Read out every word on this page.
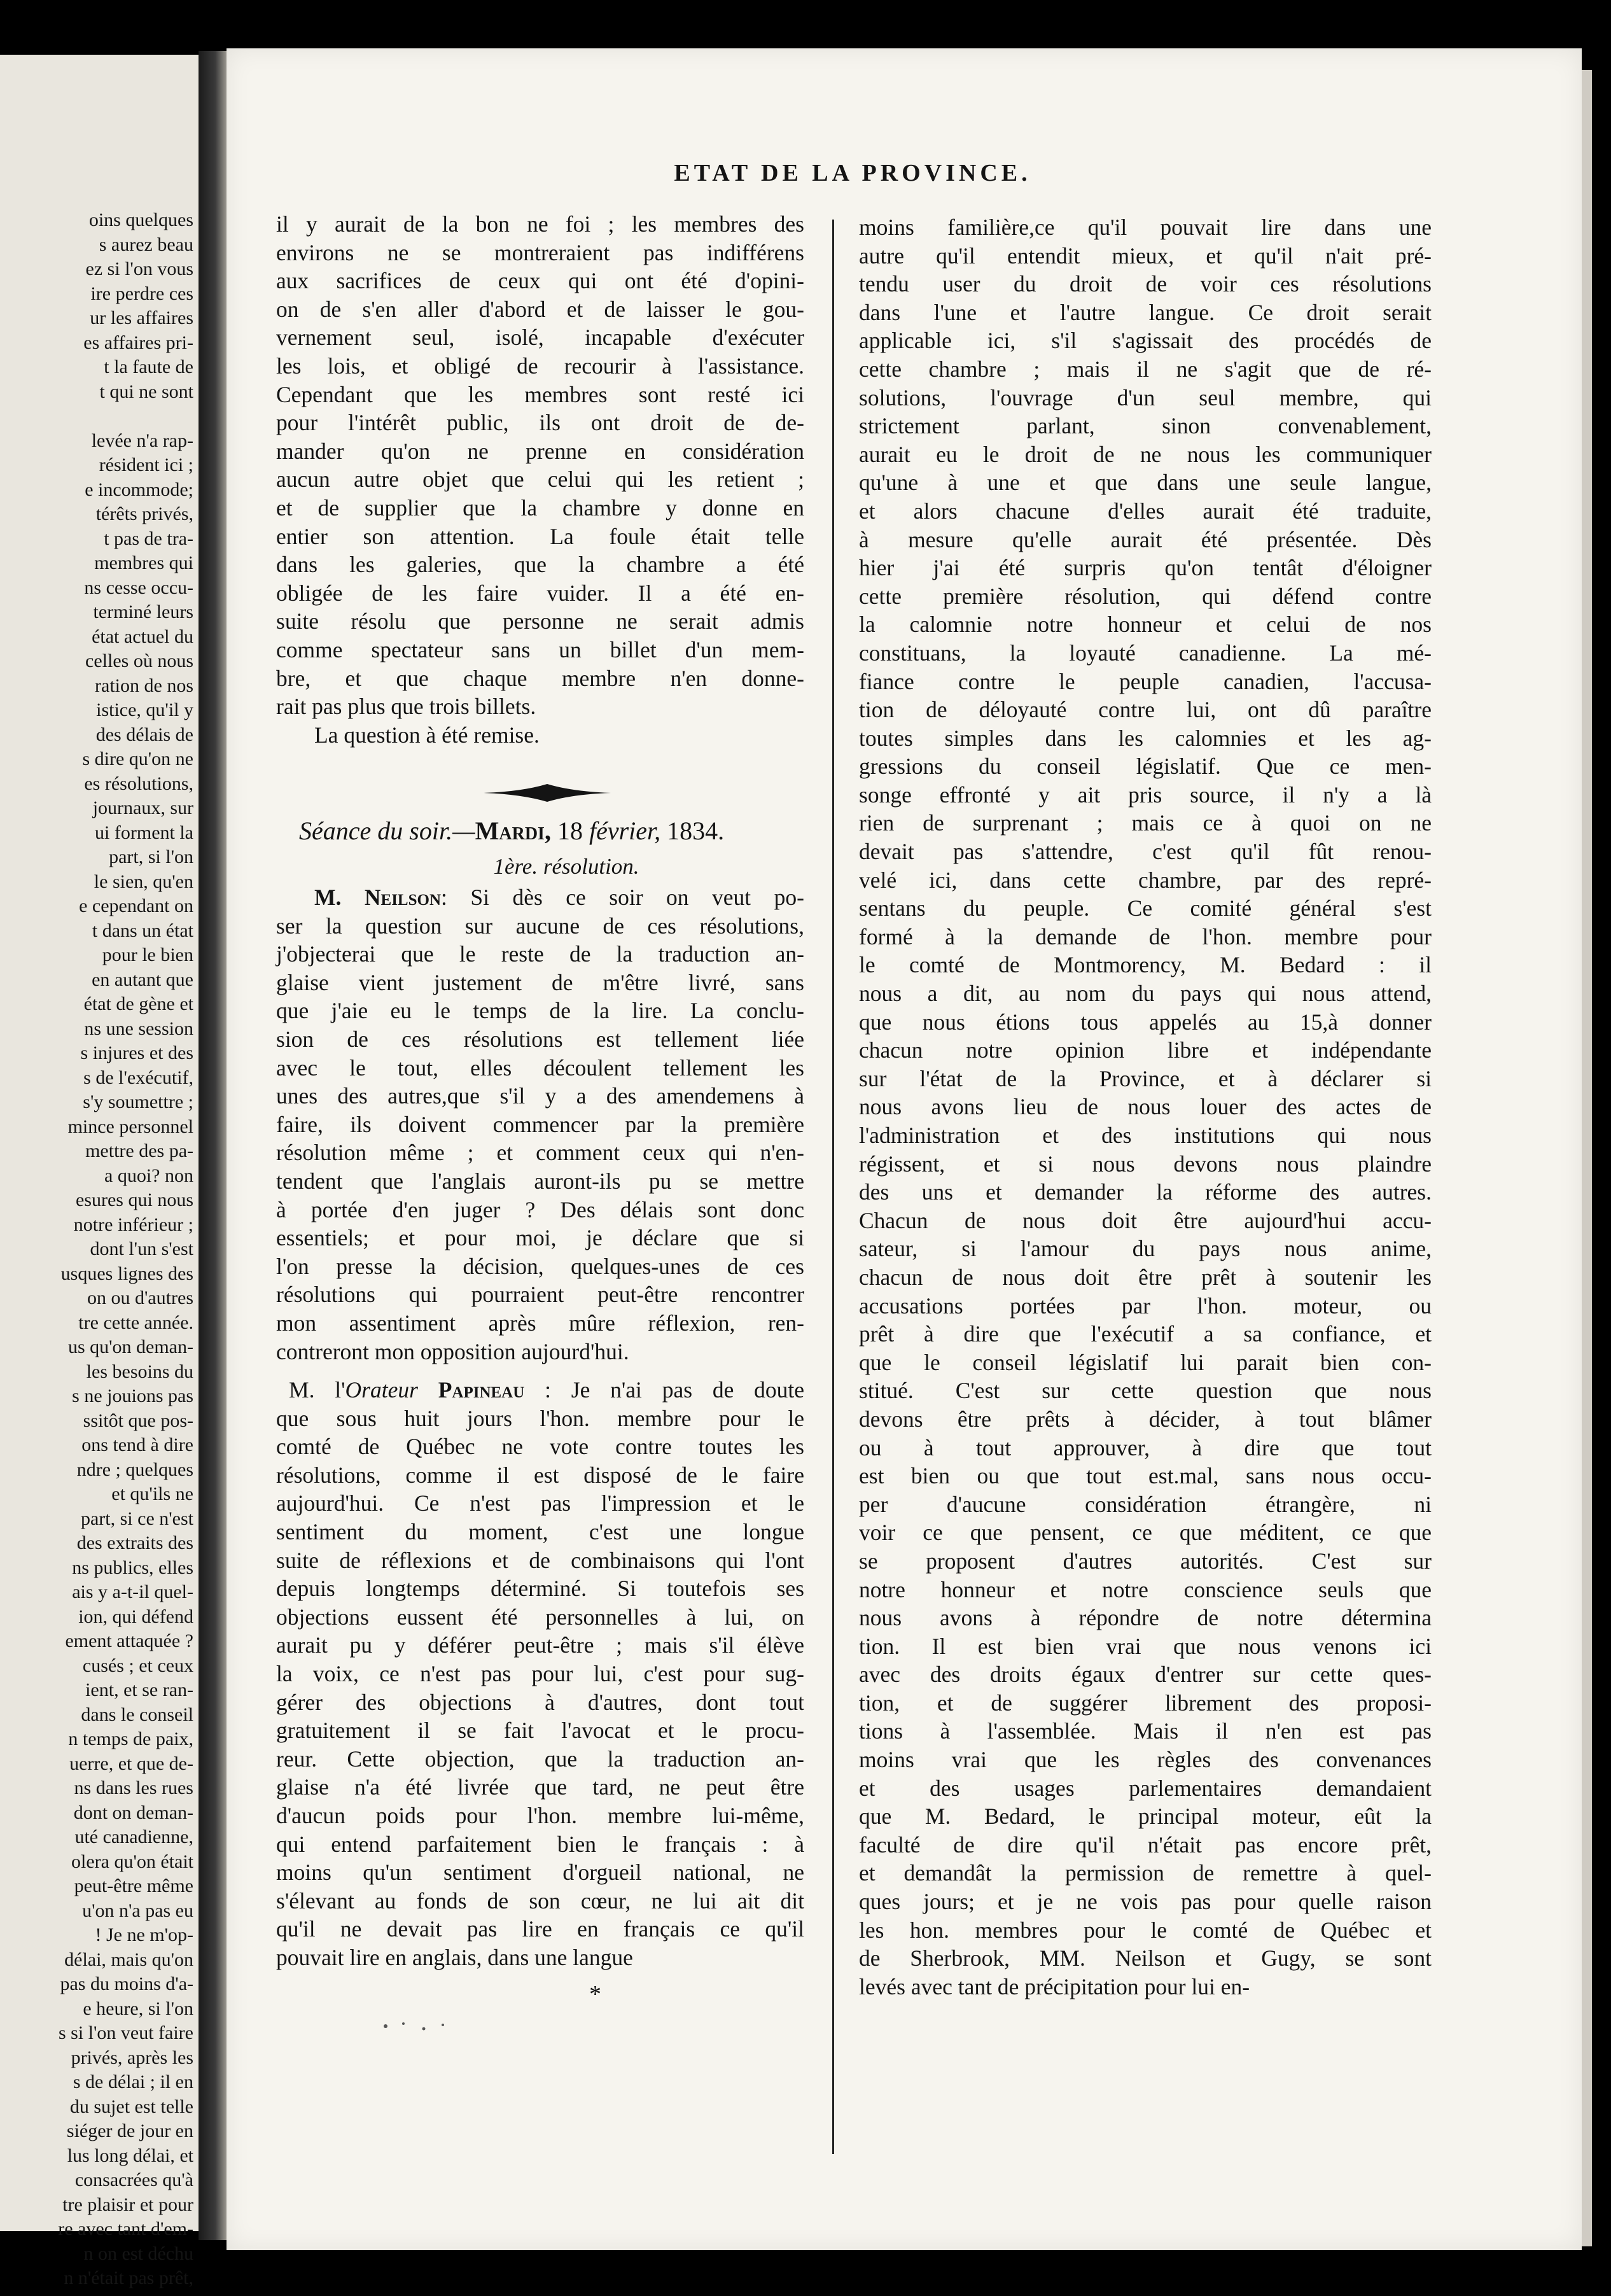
oins quelques
s aurez beau
ez si l'on vous
ire perdre ces
ur les affaires
es affaires pri-
t la faute de
t qui ne sont
levée n'a rap-
résident ici ;
e incommode;
térêts privés,
t pas de tra-
membres qui
ns cesse occu-
terminé leurs
état actuel du
celles où nous
ration de nos
istice, qu'il y
des délais de
s dire qu'on ne
es résolutions,
journaux, sur
ui forment la
part, si l'on
le sien, qu'en
e cependant on
t dans un état
pour le bien
en autant que
état de gène et
ns une session
s injures et des
s de l'exécutif,
s'y soumettre ;
mince personnel
mettre des pa-
a quoi? non
esures qui nous
notre inférieur ;
dont l'un s'est
usques lignes des
on ou d'autres
tre cette année.
us qu'on deman-
les besoins du
s ne jouions pas
ssitôt que pos-
ons tend à dire
ndre ; quelques
et qu'ils ne
part, si ce n'est
des extraits des
ns publics, elles
ais y a-t-il quel-
ion, qui défend
ement attaquée ?
cusés ; et ceux
ient, et se ran-
dans le conseil
n temps de paix,
uerre, et que de-
ns dans les rues
dont on deman-
uté canadienne,
olera qu'on était
peut-être même
u'on n'a pas eu
! Je ne m'op-
délai, mais qu'on
pas du moins d'a-
e heure, si l'on
s si l'on veut faire
privés, après les
s de délai ; il en
du sujet est telle
siéger de jour en
lus long délai, et
consacrées qu'à
tre plaisir et pour
re avec tant d'em-
n on est déchu
n n'était pas prêt,
ETAT DE LA PROVINCE.
il y aurait de la bon ne foi ; les membres des
environs ne se montreraient pas indifférens
aux sacrifices de ceux qui ont été d'opini-
on de s'en aller d'abord et de laisser le gou-
vernement seul, isolé, incapable d'exécuter
les lois, et obligé de recourir à l'assistance.
Cependant que les membres sont resté ici
pour l'intérêt public, ils ont droit de de-
mander qu'on ne prenne en considération
aucun autre objet que celui qui les retient ;
et de supplier que la chambre y donne en
entier son attention. La foule était telle
dans les galeries, que la chambre a été
obligée de les faire vuider. Il a été en-
suite résolu que personne ne serait admis
comme spectateur sans un billet d'un mem-
bre, et que chaque membre n'en donne-
rait pas plus que trois billets.

La question à été remise.

Séance du soir.—Mardi, 18 février, 1834.
1ère. résolution.
M. Neilson: Si dès ce soir on veut po-
ser la question sur aucune de ces résolutions,
j'objecterai que le reste de la traduction an-
glaise vient justement de m'être livré, sans
que j'aie eu le temps de la lire. La conclu-
sion de ces résolutions est tellement liée
avec le tout, elles découlent tellement les
unes des autres,que s'il y a des amendemens à
faire, ils doivent commencer par la première
résolution même ; et comment ceux qui n'en-
tendent que l'anglais auront-ils pu se mettre
à portée d'en juger ? Des délais sont donc
essentiels; et pour moi, je déclare que si
l'on presse la décision, quelques-unes de ces
résolutions qui pourraient peut-être rencontrer
mon assentiment après mûre réflexion, ren-
contreront mon opposition aujourd'hui.
M. l'Orateur Papineau : Je n'ai pas de doute
que sous huit jours l'hon. membre pour le
comté de Québec ne vote contre toutes les
résolutions, comme il est disposé de le faire
aujourd'hui. Ce n'est pas l'impression et le
sentiment du moment, c'est une longue
suite de réflexions et de combinaisons qui l'ont
depuis longtemps déterminé. Si toutefois ses
objections eussent été personnelles à lui, on
aurait pu y déférer peut-être ; mais s'il élève
la voix, ce n'est pas pour lui, c'est pour sug-
gérer des objections à d'autres, dont tout
gratuitement il se fait l'avocat et le procu-
reur. Cette objection, que la traduction an-
glaise n'a été livrée que tard, ne peut être
d'aucun poids pour l'hon. membre lui-même,
qui entend parfaitement bien le français : à
moins qu'un sentiment d'orgueil national, ne
s'élevant au fonds de son cœur, ne lui ait dit
qu'il ne devait pas lire en français ce qu'il
pouvait lire en anglais, dans une langue
*
moins familière,ce qu'il pouvait lire dans une
autre qu'il entendit mieux, et qu'il n'ait pré-
tendu user du droit de voir ces résolutions
dans l'une et l'autre langue. Ce droit serait
applicable ici, s'il s'agissait des procédés de
cette chambre ; mais il ne s'agit que de ré-
solutions, l'ouvrage d'un seul membre, qui
strictement parlant, sinon convenablement,
aurait eu le droit de ne nous les communiquer
qu'une à une et que dans une seule langue,
et alors chacune d'elles aurait été traduite,
à mesure qu'elle aurait été présentée. Dès
hier j'ai été surpris qu'on tentât d'éloigner
cette première résolution, qui défend contre
la calomnie notre honneur et celui de nos
constituans, la loyauté canadienne. La mé-
fiance contre le peuple canadien, l'accusa-
tion de déloyauté contre lui, ont dû paraître
toutes simples dans les calomnies et les ag-
gressions du conseil législatif. Que ce men-
songe effronté y ait pris source, il n'y a là
rien de surprenant ; mais ce à quoi on ne
devait pas s'attendre, c'est qu'il fût renou-
velé ici, dans cette chambre, par des repré-
sentans du peuple. Ce comité général s'est
formé à la demande de l'hon. membre pour
le comté de Montmorency, M. Bedard : il
nous a dit, au nom du pays qui nous attend,
que nous étions tous appelés au 15,à donner
chacun notre opinion libre et indépendante
sur l'état de la Province, et à déclarer si
nous avons lieu de nous louer des actes de
l'administration et des institutions qui nous
régissent, et si nous devons nous plaindre
des uns et demander la réforme des autres.
Chacun de nous doit être aujourd'hui accu-
sateur, si l'amour du pays nous anime,
chacun de nous doit être prêt à soutenir les
accusations portées par l'hon. moteur, ou
prêt à dire que l'exécutif a sa confiance, et
que le conseil législatif lui parait bien con-
stitué. C'est sur cette question que nous
devons être prêts à décider, à tout blâmer
ou à tout approuver, à dire que tout
est bien ou que tout est.mal, sans nous occu-
per d'aucune considération étrangère, ni
voir ce que pensent, ce que méditent, ce que
se proposent d'autres autorités. C'est sur
notre honneur et notre conscience seuls que
nous avons à répondre de notre détermina
tion. Il est bien vrai que nous venons ici
avec des droits égaux d'entrer sur cette ques-
tion, et de suggérer librement des proposi-
tions à l'assemblée. Mais il n'en est pas
moins vrai que les règles des convenances
et des usages parlementaires demandaient
que M. Bedard, le principal moteur, eût la
faculté de dire qu'il n'était pas encore prêt,
et demandât la permission de remettre à quel-
ques jours; et je ne vois pas pour quelle raison
les hon. membres pour le comté de Québec et
de Sherbrook, MM. Neilson et Gugy, se sont
levés avec tant de précipitation pour lui en-
